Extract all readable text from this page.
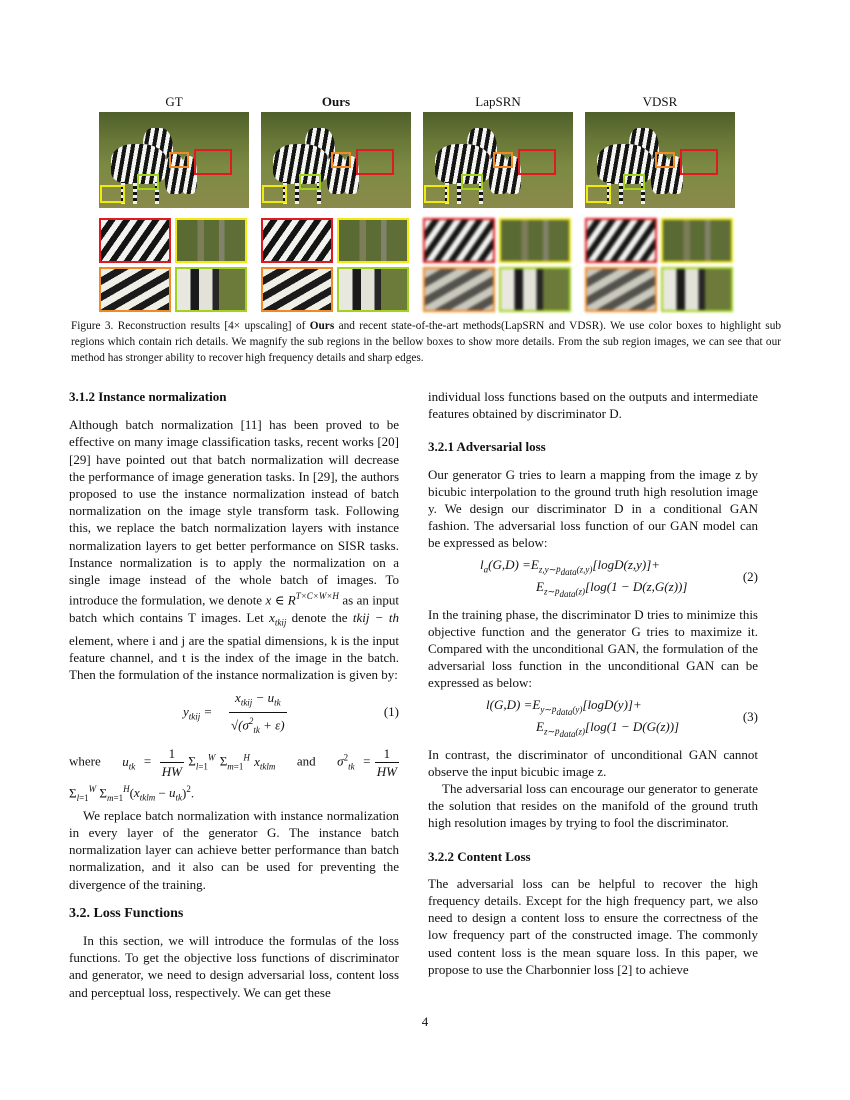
GT	Ours	LapSRN	VDSR

Figure 3. Reconstruction results [4× upscaling] of Ours and recent state-of-the-art methods(LapSRN and VDSR). We use color boxes to highlight sub regions which contain rich details. We magnify the sub regions in the bellow boxes to show more details. From the sub region images, we can see that our method has stronger ability to recover high frequency details and sharp edges.

3.1.2 Instance normalization

Although batch normalization [11] has been proved to be effective on many image classification tasks, recent works [20] [29] have pointed out that batch normalization will decrease the performance of image generation tasks. In [29], the authors proposed to use the instance normalization instead of batch normalization on the image style transform task. Following this, we replace the batch normalization layers with instance normalization layers to get better performance on SISR tasks. Instance normalization is to apply the normalization on a single image instead of the whole batch of images. To introduce the formulation, we denote x ∈ $R^{T\times C\times W\times H}$ as an input batch which contains T images. Let $x_{tkij}$ denote the tkij − th element, where i and j are the spatial dimensions, k is the input feature channel, and t is the index of the image in the batch. Then the formulation of the instance normalization is given by:

$y_{tkij}$ =
$x_{tkij} - u_{tk}$
$√(\sigma^2_{tk} + \varepsilon)$
(1)

where $u_{tk} = \frac{1}{HW} \Sigma_{l=1}^W$ $\Sigma_{m=1}^H$ $x_{tklm}$ and $\sigma^2_{tk} = \frac{1}{HW}$
$\Sigma_{l=1}^W$ $\Sigma_{m=1}^H(x_{tklm} - u_{tk})^2$.

We replace batch normalization with instance normalization in every layer of the generator G. The instance batch normalization layer can achieve better performance than batch normalization, and it also can be used for preventing the divergence of the training.

3.2. Loss Functions

In this section, we will introduce the formulas of the loss functions. To get the objective loss functions of discriminator and generator, we need to design adversarial loss, content loss and perceptual loss, respectively. We can get these

individual loss functions based on the outputs and intermediate features obtained by discriminator D.

3.2.1 Adversarial loss

Our generator G tries to learn a mapping from the image z by bicubic interpolation to the ground truth high resolution image y. We design our discriminator D in a conditional GAN fashion. The adversarial loss function of our GAN model can be expressed as below:

$l_a(G,D) =E_{z,y\sim p_{data}(z,y)}[\log D(z,y)]+$
$E_{z\sim p_{data}(z)}[\log(1 - D(z,G(z))]$
(2)

In the training phase, the discriminator D tries to minimize this objective function and the generator G tries to maximize it. Compared with the unconditional GAN, the formulation of the adversarial loss function in the unconditional GAN can be expressed as below:

$l(G,D) =E_{y\sim p_{data}(y)}[\log D(y)]+$
$E_{z\sim p_{data}(z)}[\log(1 - D(G(z))]$
(3)

In contrast, the discriminator of unconditional GAN cannot observe the input bicubic image z.

The adversarial loss can encourage our generator to generate the solution that resides on the manifold of the ground truth high resolution images by trying to fool the discriminator.

3.2.2 Content Loss

The adversarial loss can be helpful to recover the high frequency details. Except for the high frequency part, we also need to design a content loss to ensure the correctness of the low frequency part of the constructed image. The commonly used content loss is the mean square loss. In this paper, we propose to use the Charbonnier loss [2] to achieve

4
